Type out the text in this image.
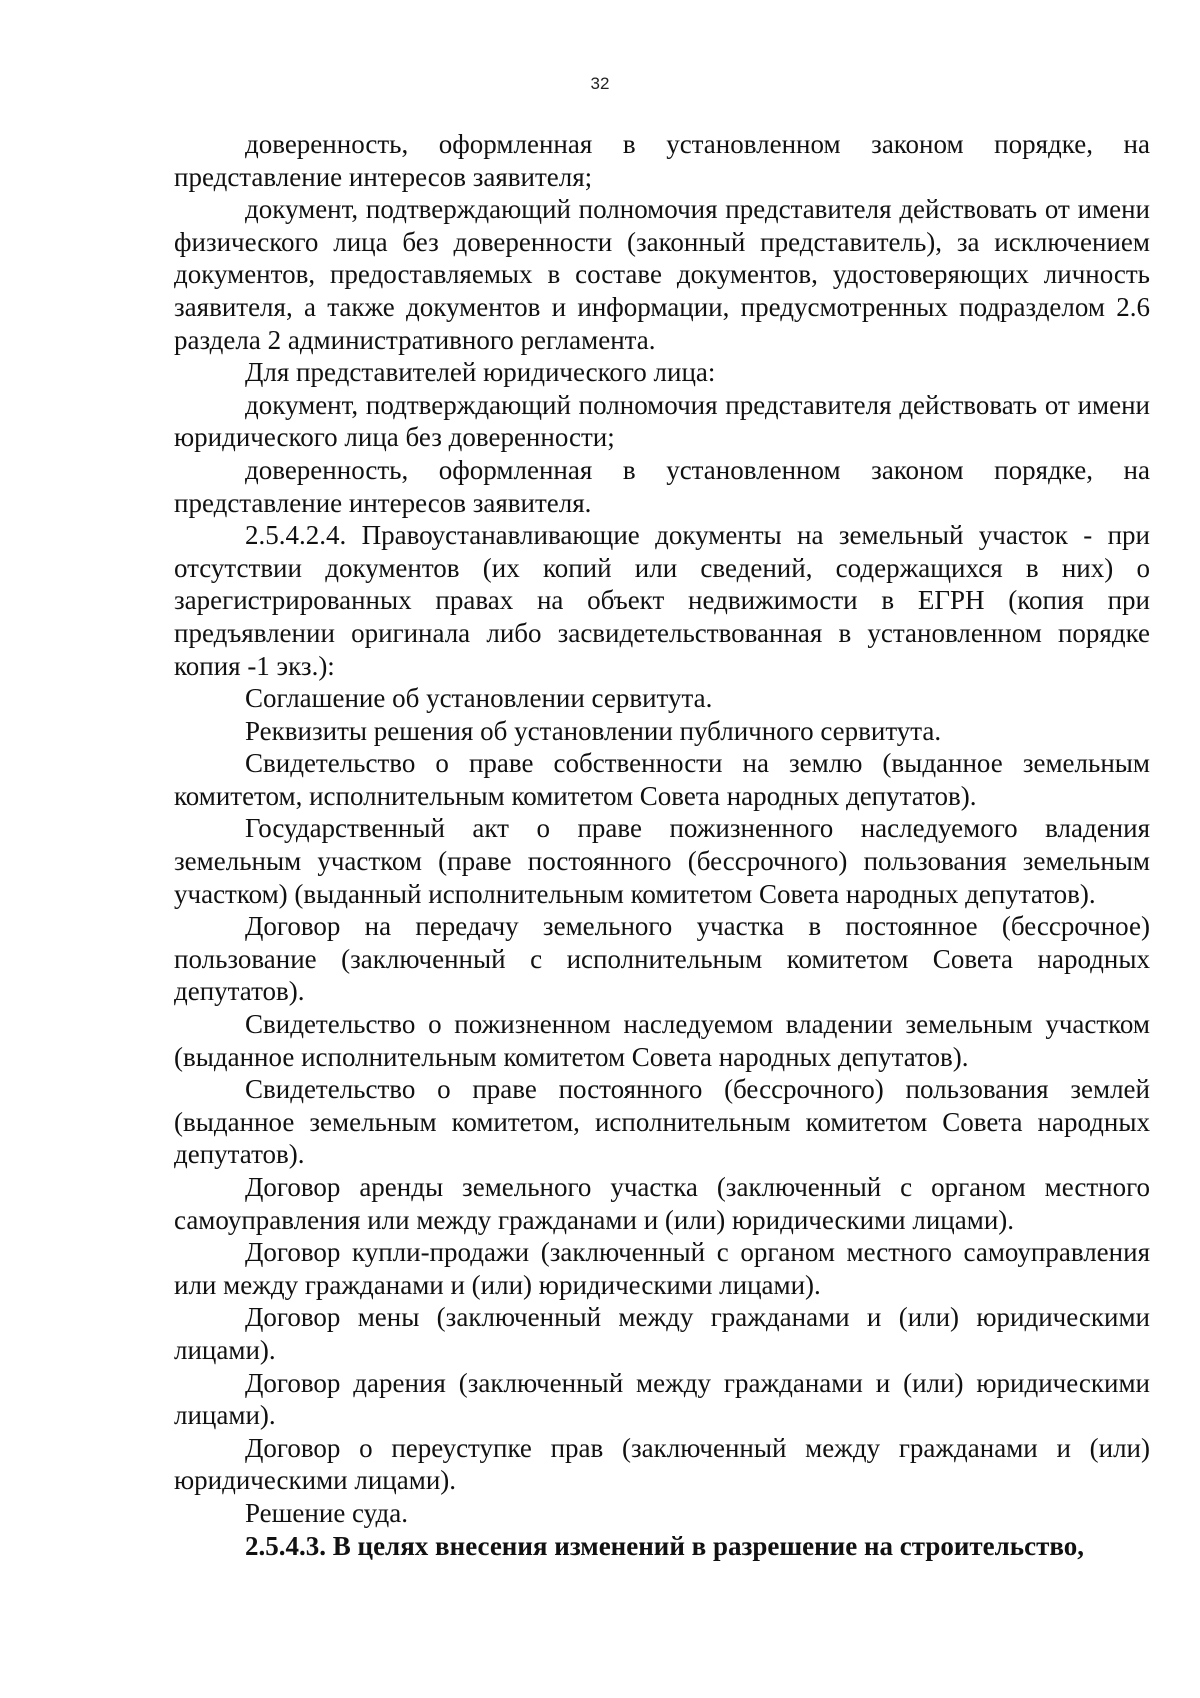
32

доверенность, оформленная в установленном законом порядке, на представление интересов заявителя;

документ, подтверждающий полномочия представителя действовать от имени физического лица без доверенности (законный представитель), за исключением документов, предоставляемых в составе документов, удостоверяющих личность заявителя, а также документов и информации, предусмотренных подразделом 2.6 раздела 2 административного регламента.

Для представителей юридического лица:

документ, подтверждающий полномочия представителя действовать от имени юридического лица без доверенности;

доверенность, оформленная в установленном законом порядке, на представление интересов заявителя.

2.5.4.2.4. Правоустанавливающие документы на земельный участок - при отсутствии документов (их копий или сведений, содержащихся в них) о зарегистрированных правах на объект недвижимости в ЕГРН (копия при предъявлении оригинала либо засвидетельствованная в установленном порядке копия -1 экз.):

Соглашение об установлении сервитута.

Реквизиты решения об установлении публичного сервитута.

Свидетельство о праве собственности на землю (выданное земельным комитетом, исполнительным комитетом Совета народных депутатов).

Государственный акт о праве пожизненного наследуемого владения земельным участком (праве постоянного (бессрочного) пользования земельным участком) (выданный исполнительным комитетом Совета народных депутатов).

Договор на передачу земельного участка в постоянное (бессрочное) пользование (заключенный с исполнительным комитетом Совета народных депутатов).

Свидетельство о пожизненном наследуемом владении земельным участком (выданное исполнительным комитетом Совета народных депутатов).

Свидетельство о праве постоянного (бессрочного) пользования землей (выданное земельным комитетом, исполнительным комитетом Совета народных депутатов).

Договор аренды земельного участка (заключенный с органом местного самоуправления или между гражданами и (или) юридическими лицами).

Договор купли-продажи (заключенный с органом местного самоуправления или между гражданами и (или) юридическими лицами).

Договор мены (заключенный между гражданами и (или) юридическими лицами).

Договор дарения (заключенный между гражданами и (или) юридическими лицами).

Договор о переуступке прав (заключенный между гражданами и (или) юридическими лицами).

Решение суда.

2.5.4.3. В целях внесения изменений в разрешение на строительство,
